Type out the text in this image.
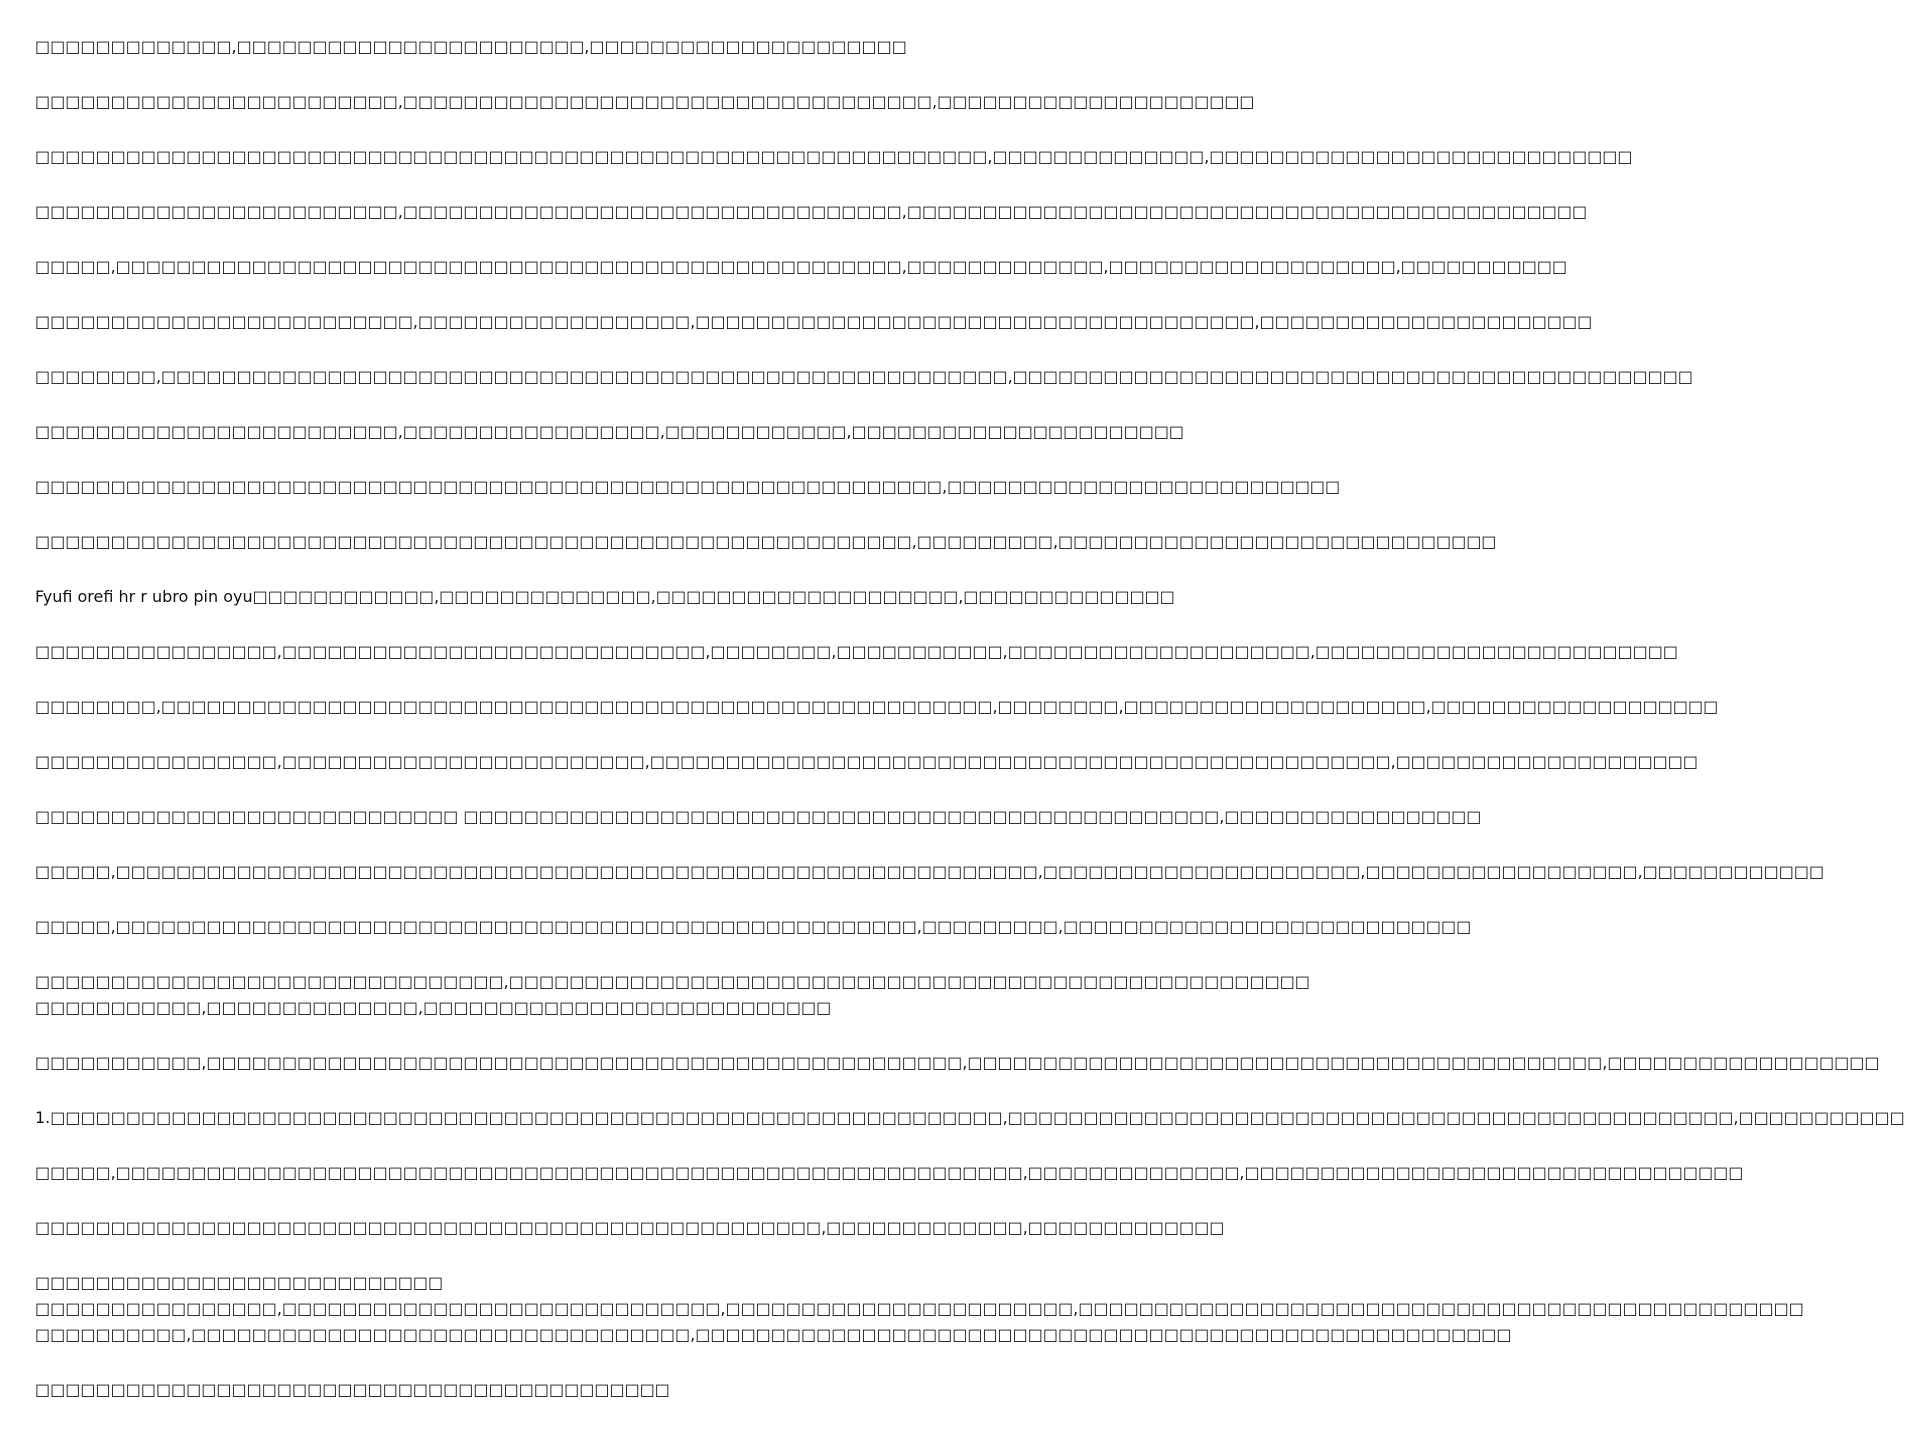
□□□□□□□□□□□□□,□□□□□□□□□□□□□□□□□□□□□□□,□□□□□□□□□□□□□□□□□□□□□

□□□□□□□□□□□□□□□□□□□□□□□□,□□□□□□□□□□□□□□□□□□□□□□□□□□□□□□□□□□□,□□□□□□□□□□□□□□□□□□□□□

□□□□□□□□□□□□□□□□□□□□□□□□□□□□□□□□□□□□□□□□□□□□□□□□□□□□□□□□□□□□□□□,□□□□□□□□□□□□□□,□□□□□□□□□□□□□□□□□□□□□□□□□□□□

□□□□□□□□□□□□□□□□□□□□□□□□,□□□□□□□□□□□□□□□□□□□□□□□□□□□□□□□□□,□□□□□□□□□□□□□□□□□□□□□□□□□□□□□□□□□□□□□□□□□□□□□

□□□□□,□□□□□□□□□□□□□□□□□□□□□□□□□□□□□□□□□□□□□□□□□□□□□□□□□□□□,□□□□□□□□□□□□□,□□□□□□□□□□□□□□□□□□□,□□□□□□□□□□□

□□□□□□□□□□□□□□□□□□□□□□□□□,□□□□□□□□□□□□□□□□□□,□□□□□□□□□□□□□□□□□□□□□□□□□□□□□□□□□□□□□,□□□□□□□□□□□□□□□□□□□□□□

□□□□□□□□,□□□□□□□□□□□□□□□□□□□□□□□□□□□□□□□□□□□□□□□□□□□□□□□□□□□□□□□□,□□□□□□□□□□□□□□□□□□□□□□□□□□□□□□□□□□□□□□□□□□□□□

□□□□□□□□□□□□□□□□□□□□□□□□,□□□□□□□□□□□□□□□□□,□□□□□□□□□□□□,□□□□□□□□□□□□□□□□□□□□□□

□□□□□□□□□□□□□□□□□□□□□□□□□□□□□□□□□□□□□□□□□□□□□□□□□□□□□□□□□□□□,□□□□□□□□□□□□□□□□□□□□□□□□□□

□□□□□□□□□□□□□□□□□□□□□□□□□□□□□□□□□□□□□□□□□□□□□□□□□□□□□□□□□□,□□□□□□□□□,□□□□□□□□□□□□□□□□□□□□□□□□□□□□□

Fyufi orefi hr r ubro pin oyu□□□□□□□□□□□□,□□□□□□□□□□□□□□,□□□□□□□□□□□□□□□□□□□□,□□□□□□□□□□□□□□

□□□□□□□□□□□□□□□□,□□□□□□□□□□□□□□□□□□□□□□□□□□□□,□□□□□□□□,□□□□□□□□□□□,□□□□□□□□□□□□□□□□□□□□,□□□□□□□□□□□□□□□□□□□□□□□□

□□□□□□□□,□□□□□□□□□□□□□□□□□□□□□□□□□□□□□□□□□□□□□□□□□□□□□□□□□□□□□□□,□□□□□□□□,□□□□□□□□□□□□□□□□□□□□,□□□□□□□□□□□□□□□□□□□

□□□□□□□□□□□□□□□□,□□□□□□□□□□□□□□□□□□□□□□□□,□□□□□□□□□□□□□□□□□□□□□□□□□□□□□□□□□□□□□□□□□□□□□□□□□,□□□□□□□□□□□□□□□□□□□□

□□□□□□□□□□□□□□□□□□□□□□□□□□□□ □□□□□□□□□□□□□□□□□□□□□□□□□□□□□□□□□□□□□□□□□□□□□□□□□□,□□□□□□□□□□□□□□□□□

□□□□□,□□□□□□□□□□□□□□□□□□□□□□□□□□□□□□□□□□□□□□□□□□□□□□□□□□□□□□□□□□□□□,□□□□□□□□□□□□□□□□□□□□□,□□□□□□□□□□□□□□□□□□,□□□□□□□□□□□□

□□□□□,□□□□□□□□□□□□□□□□□□□□□□□□□□□□□□□□□□□□□□□□□□□□□□□□□□□□□,□□□□□□□□□,□□□□□□□□□□□□□□□□□□□□□□□□□□□

□□□□□□□□□□□□□□□□□□□□□□□□□□□□□□□,□□□□□□□□□□□□□□□□□□□□□□□□□□□□□□□□□□□□□□□□□□□□□□□□□□□□□
□□□□□□□□□□□,□□□□□□□□□□□□□□,□□□□□□□□□□□□□□□□□□□□□□□□□□□

□□□□□□□□□□□,□□□□□□□□□□□□□□□□□□□□□□□□□□□□□□□□□□□□□□□□□□□□□□□□□□,□□□□□□□□□□□□□□□□□□□□□□□□□□□□□□□□□□□□□□□□□□,□□□□□□□□□□□□□□□□□□

1.□□□□□□□□□□□□□□□□□□□□□□□□□□□□□□□□□□□□□□□□□□□□□□□□□□□□□□□□□□□□□□□,□□□□□□□□□□□□□□□□□□□□□□□□□□□□□□□□□□□□□□□□□□□□□□□□,□□□□□□□□□□□

□□□□□,□□□□□□□□□□□□□□□□□□□□□□□□□□□□□□□□□□□□□□□□□□□□□□□□□□□□□□□□□□□□,□□□□□□□□□□□□□□,□□□□□□□□□□□□□□□□□□□□□□□□□□□□□□□□□

□□□□□□□□□□□□□□□□□□□□□□□□□□□□□□□□□□□□□□□□□□□□□□□□□□□□,□□□□□□□□□□□□□,□□□□□□□□□□□□□

□□□□□□□□□□□□□□□□□□□□□□□□□□□
□□□□□□□□□□□□□□□□,□□□□□□□□□□□□□□□□□□□□□□□□□□□□□,□□□□□□□□□□□□□□□□□□□□□□□,□□□□□□□□□□□□□□□□□□□□□□□□□□□□□□□□□□□□□□□□□□□□□□□□
□□□□□□□□□□,□□□□□□□□□□□□□□□□□□□□□□□□□□□□□□□□□,□□□□□□□□□□□□□□□□□□□□□□□□□□□□□□□□□□□□□□□□□□□□□□□□□□□□□□

□□□□□□□□□□□□□□□□□□□□□□□□□□□□□□□□□□□□□□□□□□
